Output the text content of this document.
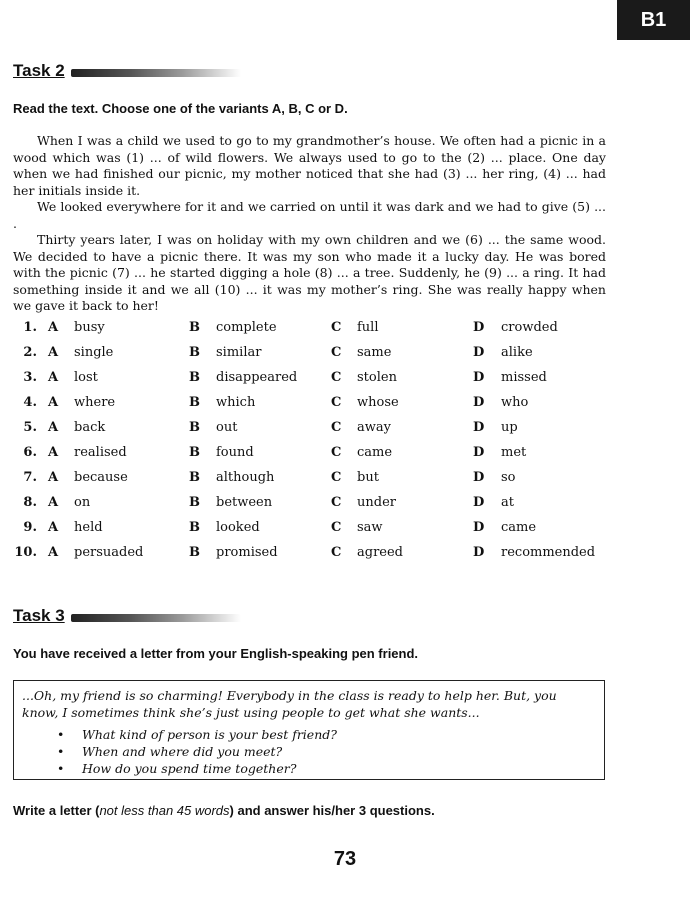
B1
Task 2
Read the text. Choose one of the variants A, B, C or D.

When I was a child we used to go to my grandmother’s house. We often had a picnic in a wood which was (1) ... of wild flowers. We always used to go to the (2) ... place. One day when we had finished our picnic, my mother noticed that she had (3) ... her ring, (4) ... had her initials inside it.

We looked everywhere for it and we carried on until it was dark and we had to give (5) ... .

Thirty years later, I was on holiday with my own children and we (6) ... the same wood. We decided to have a picnic there. It was my son who made it a lucky day. He was bored with the picnic (7) ... he started digging a hole (8) ... a tree. Suddenly, he (9) ... a ring. It had something inside it and we all (10) ... it was my mother’s ring. She was really happy when we gave it back to her!

1. A busy	B complete	C full	D crowded
2. A single	B similar	C same	D alike
3. A lost	B disappeared	C stolen	D missed
4. A where	B which	C whose	D who
5. A back	B out	C away	D up
6. A realised	B found	C came	D met
7. A because	B although	C but	D so
8. A on	B between	C under	D at
9. A held	B looked	C saw	D came
10. A persuaded	B promised	C agreed	D recommended
Task 3
You have received a letter from your English-speaking pen friend.
...Oh, my friend is so charming! Everybody in the class is ready to help her. But, you know, I sometimes think she’s just using people to get what she wants...
• What kind of person is your best friend?
• When and where did you meet?
• How do you spend time together?
Write a letter (not less than 45 words) and answer his/her 3 questions.
73
